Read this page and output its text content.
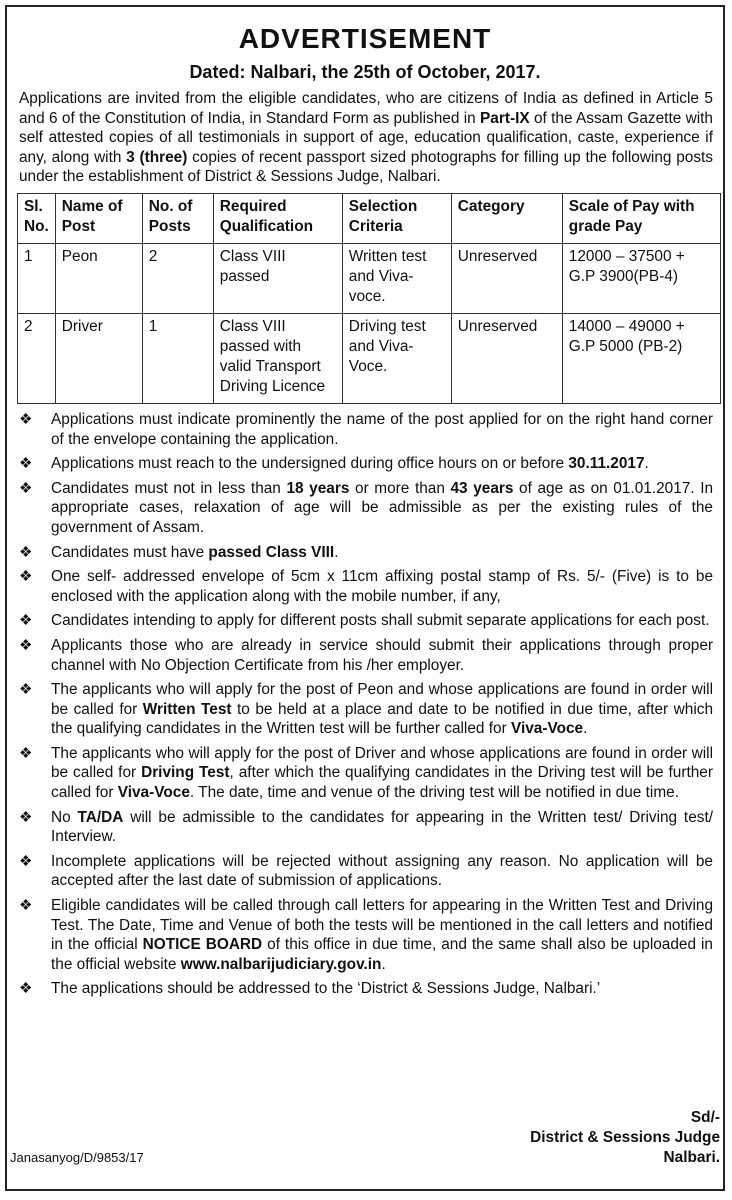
ADVERTISEMENT
Dated: Nalbari, the 25th of October, 2017.
Applications are invited from the eligible candidates, who are citizens of India as defined in Article 5 and 6 of the Constitution of India, in Standard Form as published in Part-IX of the Assam Gazette with self attested copies of all testimonials in support of age, education qualification, caste, experience if any, along with 3 (three) copies of recent passport sized photographs for filling up the following posts under the establishment of District & Sessions Judge, Nalbari.
Sl. No.	Name of Post	No. of Posts	Required Qualification	Selection Criteria	Category	Scale of Pay with grade Pay
1	Peon	2	Class VIII passed	Written test and Viva-voce.	Unreserved	12000 – 37500 + G.P 3900(PB-4)
2	Driver	1	Class VIII passed with valid Transport Driving Licence	Driving test and Viva-Voce.	Unreserved	14000 – 49000 + G.P 5000 (PB-2)
❖ Applications must indicate prominently the name of the post applied for on the right hand corner of the envelope containing the application.
❖ Applications must reach to the undersigned during office hours on or before 30.11.2017.
❖ Candidates must not in less than 18 years or more than 43 years of age as on 01.01.2017. In appropriate cases, relaxation of age will be admissible as per the existing rules of the government of Assam.
❖ Candidates must have passed Class VIII.
❖ One self- addressed envelope of 5cm x 11cm affixing postal stamp of Rs. 5/- (Five) is to be enclosed with the application along with the mobile number, if any,
❖ Candidates intending to apply for different posts shall submit separate applications for each post.
❖ Applicants those who are already in service should submit their applications through proper channel with No Objection Certificate from his /her employer.
❖ The applicants who will apply for the post of Peon and whose applications are found in order will be called for Written Test to be held at a place and date to be notified in due time, after which the qualifying candidates in the Written test will be further called for Viva-Voce.
❖ The applicants who will apply for the post of Driver and whose applications are found in order will be called for Driving Test, after which the qualifying candidates in the Driving test will be further called for Viva-Voce. The date, time and venue of the driving test will be notified in due time.
❖ No TA/DA will be admissible to the candidates for appearing in the Written test/ Driving test/ Interview.
❖ Incomplete applications will be rejected without assigning any reason. No application will be accepted after the last date of submission of applications.
❖ Eligible candidates will be called through call letters for appearing in the Written Test and Driving Test. The Date, Time and Venue of both the tests will be mentioned in the call letters and notified in the official NOTICE BOARD of this office in due time, and the same shall also be uploaded in the official website www.nalbarijudiciary.gov.in.
❖ The applications should be addressed to the ‘District & Sessions Judge, Nalbari.’
Sd/-
District & Sessions Judge
Nalbari.
Janasanyog/D/9853/17
